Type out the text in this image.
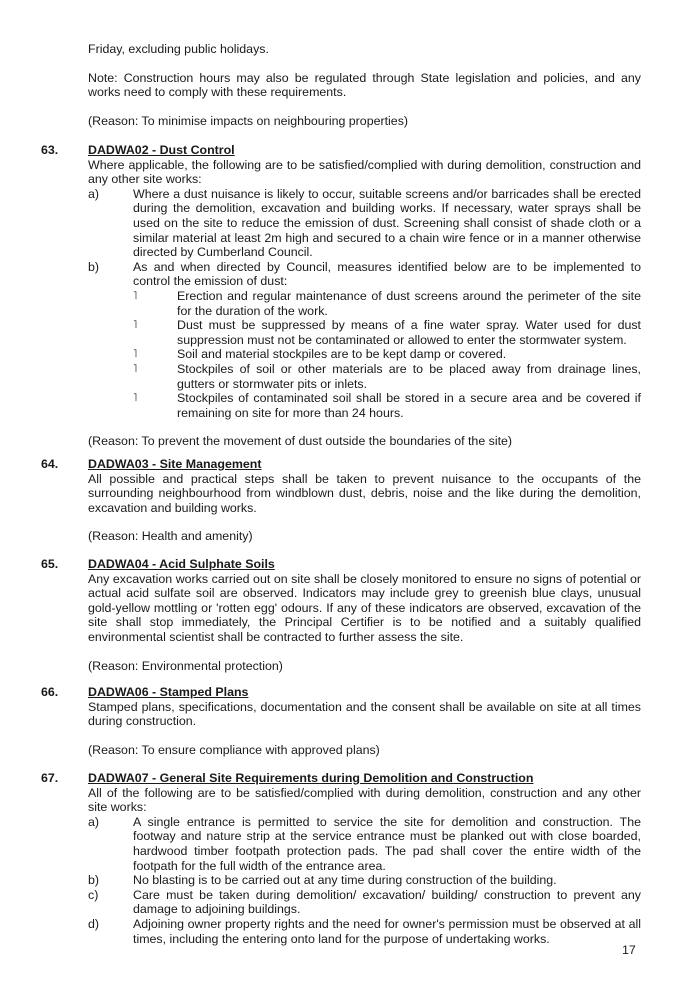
Friday, excluding public holidays.

Note: Construction hours may also be regulated through State legislation and policies, and any works need to comply with these requirements.

(Reason: To minimise impacts on neighbouring properties)

63. DADWA02 - Dust Control

Where applicable, the following are to be satisfied/complied with during demolition, construction and any other site works:

a)	Where a dust nuisance is likely to occur, suitable screens and/or barricades shall be erected during the demolition, excavation and building works. If necessary, water sprays shall be used on the site to reduce the emission of dust. Screening shall consist of shade cloth or a similar material at least 2m high and secured to a chain wire fence or in a manner otherwise directed by Cumberland Council.
b)	As and when directed by Council, measures identified below are to be implemented to control the emission of dust:
˥	Erection and regular maintenance of dust screens around the perimeter of the site for the duration of the work.
˥	Dust must be suppressed by means of a fine water spray. Water used for dust suppression must not be contaminated or allowed to enter the stormwater system.
˥	Soil and material stockpiles are to be kept damp or covered.
˥	Stockpiles of soil or other materials are to be placed away from drainage lines, gutters or stormwater pits or inlets.
˥	Stockpiles of contaminated soil shall be stored in a secure area and be covered if remaining on site for more than 24 hours.

(Reason: To prevent the movement of dust outside the boundaries of the site)

64. DADWA03 - Site Management

All possible and practical steps shall be taken to prevent nuisance to the occupants of the surrounding neighbourhood from windblown dust, debris, noise and the like during the demolition, excavation and building works.

(Reason: Health and amenity)

65. DADWA04 - Acid Sulphate Soils

Any excavation works carried out on site shall be closely monitored to ensure no signs of potential or actual acid sulfate soil are observed. Indicators may include grey to greenish blue clays, unusual gold-yellow mottling or 'rotten egg' odours. If any of these indicators are observed, excavation of the site shall stop immediately, the Principal Certifier is to be notified and a suitably qualified environmental scientist shall be contracted to further assess the site.

(Reason: Environmental protection)

66. DADWA06 - Stamped Plans

Stamped plans, specifications, documentation and the consent shall be available on site at all times during construction.

(Reason: To ensure compliance with approved plans)

67. DADWA07 - General Site Requirements during Demolition and Construction

All of the following are to be satisfied/complied with during demolition, construction and any other site works:

a)	A single entrance is permitted to service the site for demolition and construction. The footway and nature strip at the service entrance must be planked out with close boarded, hardwood timber footpath protection pads. The pad shall cover the entire width of the footpath for the full width of the entrance area.
b)	No blasting is to be carried out at any time during construction of the building.
c)	Care must be taken during demolition/ excavation/ building/ construction to prevent any damage to adjoining buildings.
d)	Adjoining owner property rights and the need for owner's permission must be observed at all times, including the entering onto land for the purpose of undertaking works.
17
